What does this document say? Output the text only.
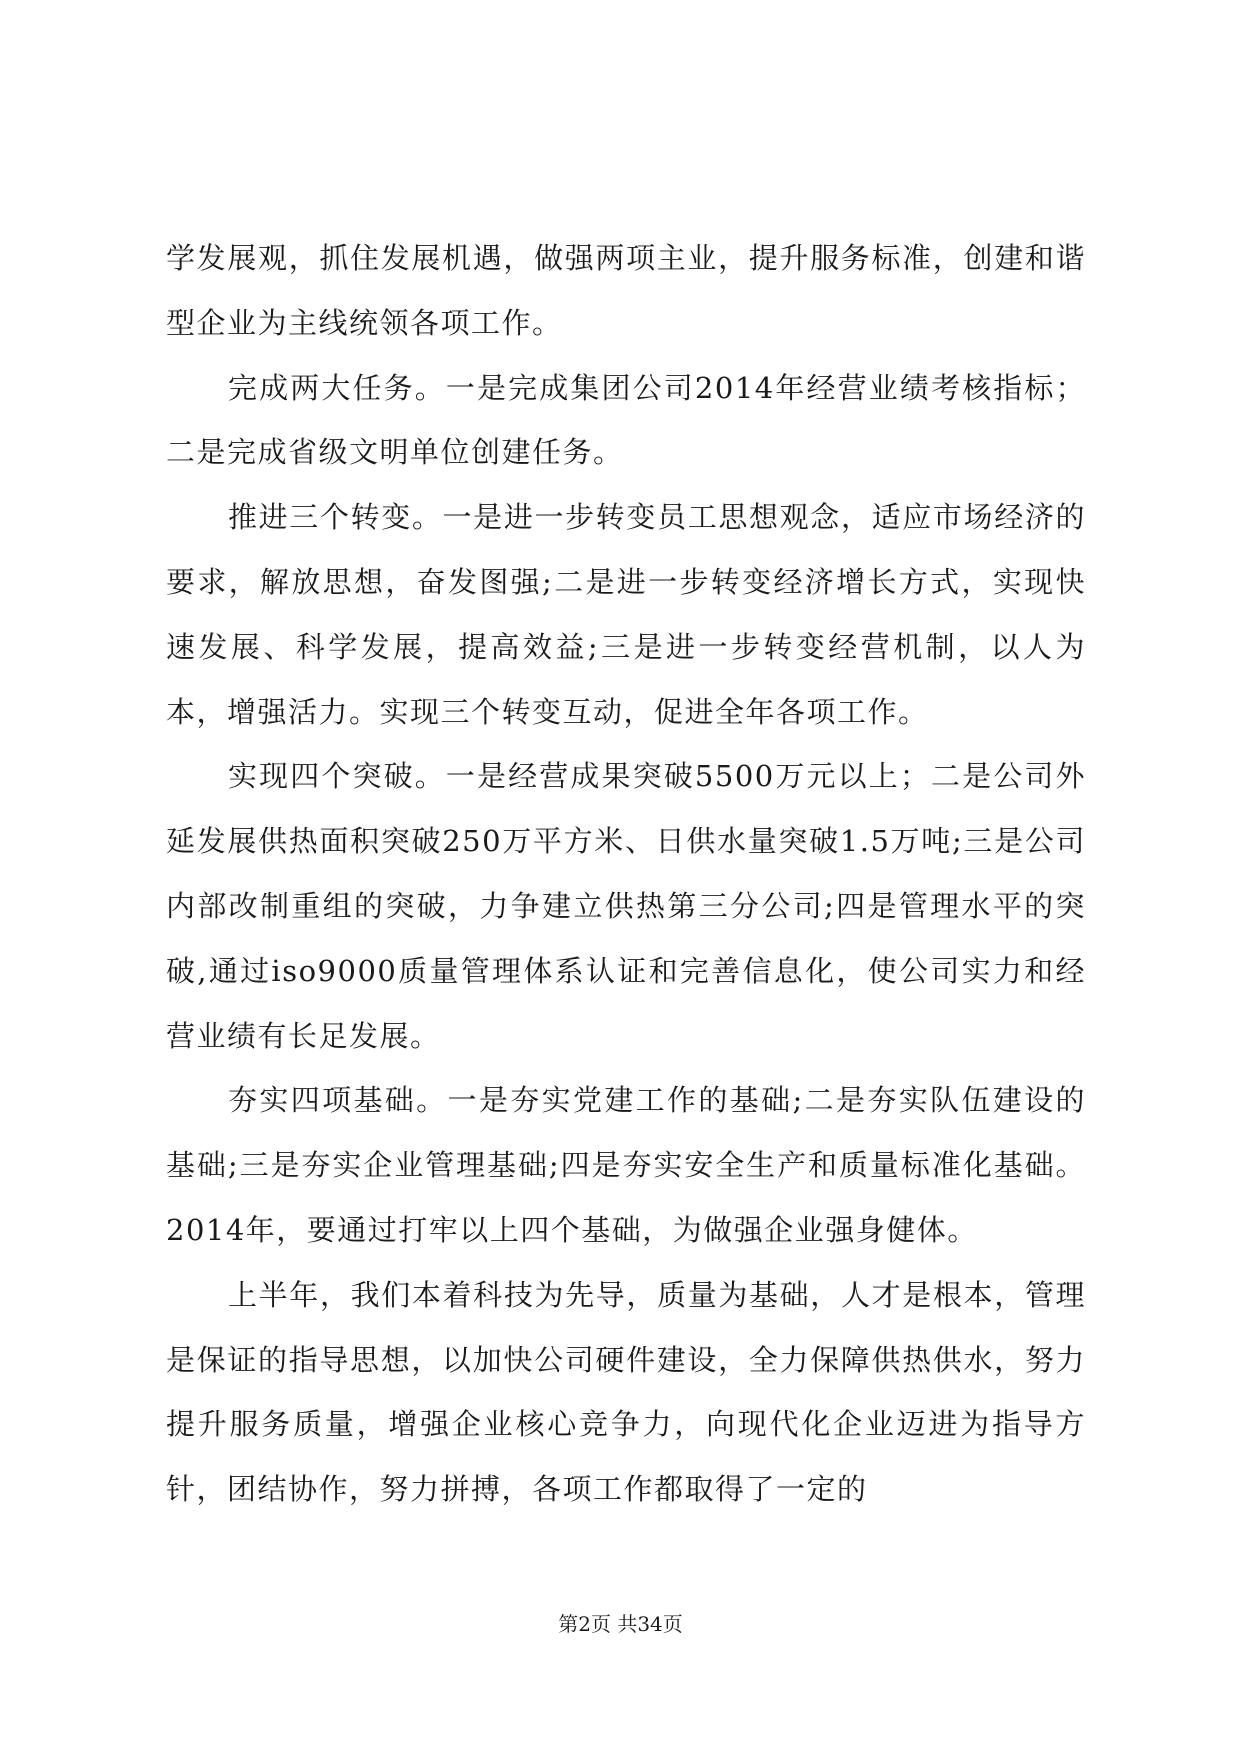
学发展观，抓住发展机遇，做强两项主业，提升服务标准，创建和谐型企业为主线统领各项工作。

完成两大任务。一是完成集团公司2014年经营业绩考核指标；二是完成省级文明单位创建任务。

推进三个转变。一是进一步转变员工思想观念，适应市场经济的要求，解放思想，奋发图强;二是进一步转变经济增长方式，实现快速发展、科学发展，提高效益;三是进一步转变经营机制，以人为本，增强活力。实现三个转变互动，促进全年各项工作。

实现四个突破。一是经营成果突破5500万元以上；二是公司外延发展供热面积突破250万平方米、日供水量突破1.5万吨;三是公司内部改制重组的突破，力争建立供热第三分公司;四是管理水平的突破,通过iso9000质量管理体系认证和完善信息化，使公司实力和经营业绩有长足发展。

夯实四项基础。一是夯实党建工作的基础;二是夯实队伍建设的基础;三是夯实企业管理基础;四是夯实安全生产和质量标准化基础。2014年，要通过打牢以上四个基础，为做强企业强身健体。

上半年，我们本着科技为先导，质量为基础，人才是根本，管理是保证的指导思想，以加快公司硬件建设，全力保障供热供水，努力提升服务质量，增强企业核心竞争力，向现代化企业迈进为指导方针，团结协作，努力拼搏，各项工作都取得了一定的

第2页 共34页
